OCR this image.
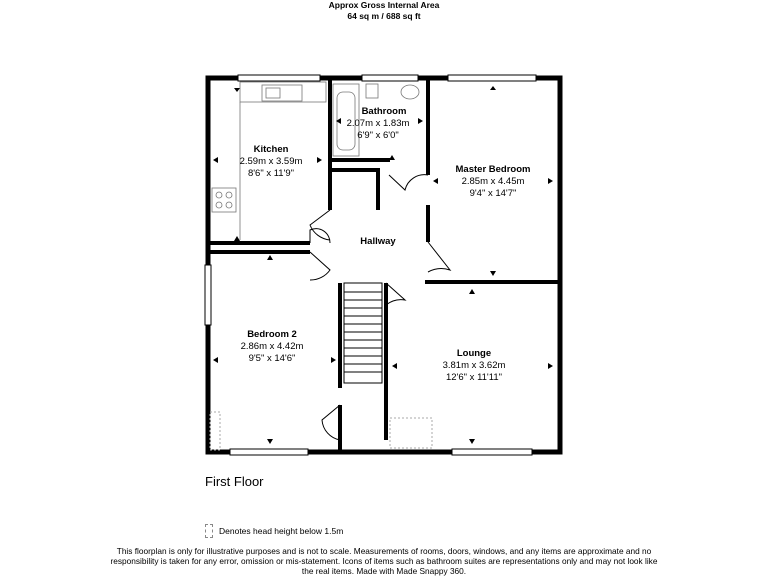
Approx Gross Internal Area
64 sq m / 688 sq ft
Kitchen
2.59m x 3.59m
8'6" x 11'9"
Bathroom
2.07m x 1.83m
6'9" x 6'0"
Master Bedroom
2.85m x 4.45m
9'4" x 14'7"
Hallway
Bedroom 2
2.86m x 4.42m
9'5" x 14'6"	Lounge
3.81m x 3.62m
12'6" x 11'11"
First Floor
Denotes head height below 1.5m
This floorplan is only for illustrative purposes and is not to scale. Measurements of rooms, doors, windows, and any items are approximate and no responsibility is taken for any error, omission or mis-statement. Icons of items such as bathroom suites are representations only and may not look like the real items. Made with Made Snappy 360.
